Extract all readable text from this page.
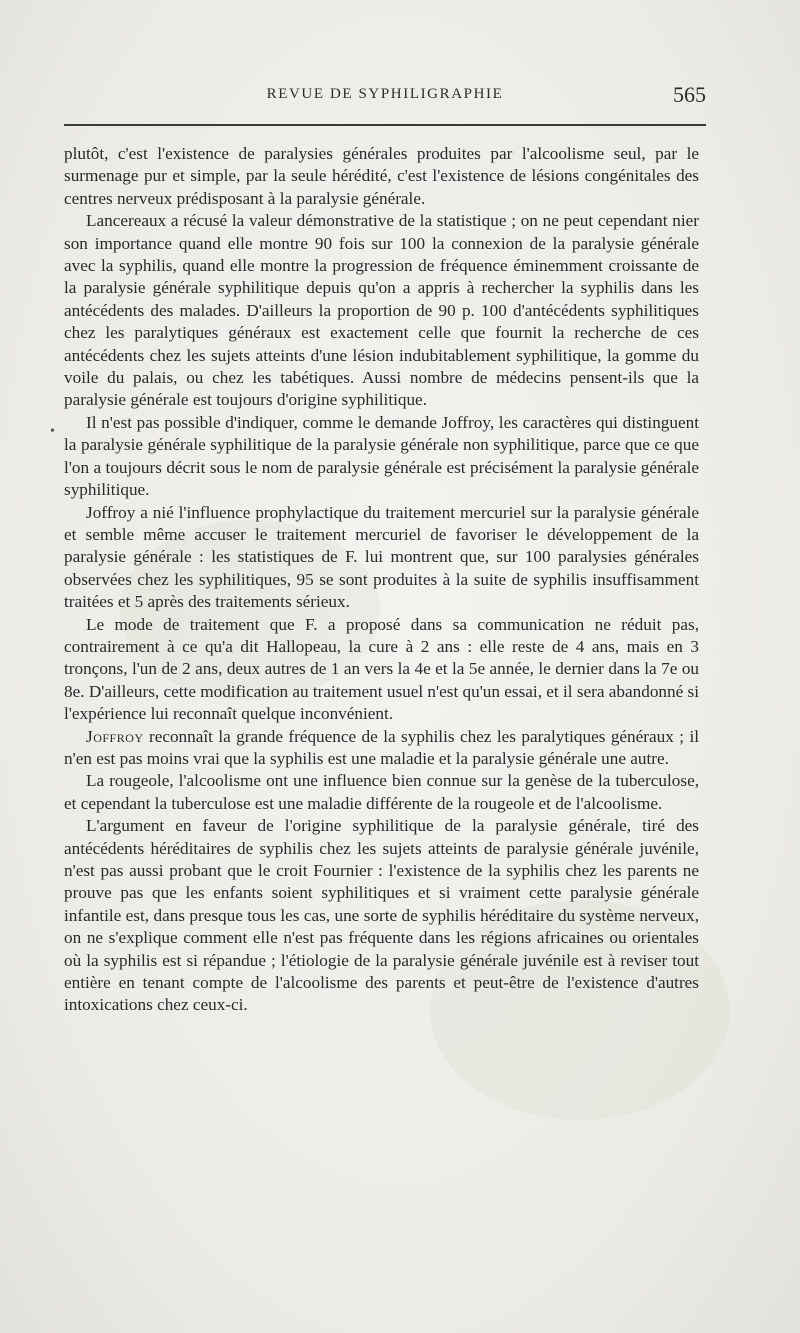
REVUE DE SYPHILIGRAPHIE	565
•

plutôt, c'est l'existence de paralysies générales produites par l'alcoolisme seul, par le surmenage pur et simple, par la seule hérédité, c'est l'existence de lésions congénitales des centres nerveux prédisposant à la paralysie générale.

Lancereaux a récusé la valeur démonstrative de la statistique ; on ne peut cependant nier son importance quand elle montre 90 fois sur 100 la connexion de la paralysie générale avec la syphilis, quand elle montre la progression de fréquence éminemment croissante de la paralysie générale syphilitique depuis qu'on a appris à rechercher la syphilis dans les antécédents des malades. D'ailleurs la proportion de 90 p. 100 d'antécédents syphilitiques chez les paralytiques généraux est exactement celle que fournit la recherche de ces antécédents chez les sujets atteints d'une lésion indubitablement syphilitique, la gomme du voile du palais, ou chez les tabétiques. Aussi nombre de médecins pensent-ils que la paralysie générale est toujours d'origine syphilitique.

Il n'est pas possible d'indiquer, comme le demande Joffroy, les caractères qui distinguent la paralysie générale syphilitique de la paralysie générale non syphilitique, parce que ce que l'on a toujours décrit sous le nom de paralysie générale est précisément la paralysie générale syphilitique.

Joffroy a nié l'influence prophylactique du traitement mercuriel sur la paralysie générale et semble même accuser le traitement mercuriel de favoriser le développement de la paralysie générale : les statistiques de F. lui montrent que, sur 100 paralysies générales observées chez les syphilitiques, 95 se sont produites à la suite de syphilis insuffisamment traitées et 5 après des traitements sérieux.

Le mode de traitement que F. a proposé dans sa communication ne réduit pas, contrairement à ce qu'a dit Hallopeau, la cure à 2 ans : elle reste de 4 ans, mais en 3 tronçons, l'un de 2 ans, deux autres de 1 an vers la 4e et la 5e année, le dernier dans la 7e ou 8e. D'ailleurs, cette modification au traitement usuel n'est qu'un essai, et il sera abandonné si l'expérience lui reconnaît quelque inconvénient.

Joffroy reconnaît la grande fréquence de la syphilis chez les paralytiques généraux ; il n'en est pas moins vrai que la syphilis est une maladie et la paralysie générale une autre.

La rougeole, l'alcoolisme ont une influence bien connue sur la genèse de la tuberculose, et cependant la tuberculose est une maladie différente de la rougeole et de l'alcoolisme.

L'argument en faveur de l'origine syphilitique de la paralysie générale, tiré des antécédents héréditaires de syphilis chez les sujets atteints de paralysie générale juvénile, n'est pas aussi probant que le croit Fournier : l'existence de la syphilis chez les parents ne prouve pas que les enfants soient syphilitiques et si vraiment cette paralysie générale infantile est, dans presque tous les cas, une sorte de syphilis héréditaire du système nerveux, on ne s'explique comment elle n'est pas fréquente dans les régions africaines ou orientales où la syphilis est si répandue ; l'étiologie de la paralysie générale juvénile est à reviser tout entière en tenant compte de l'alcoolisme des parents et peut-être de l'existence d'autres intoxications chez ceux-ci.
